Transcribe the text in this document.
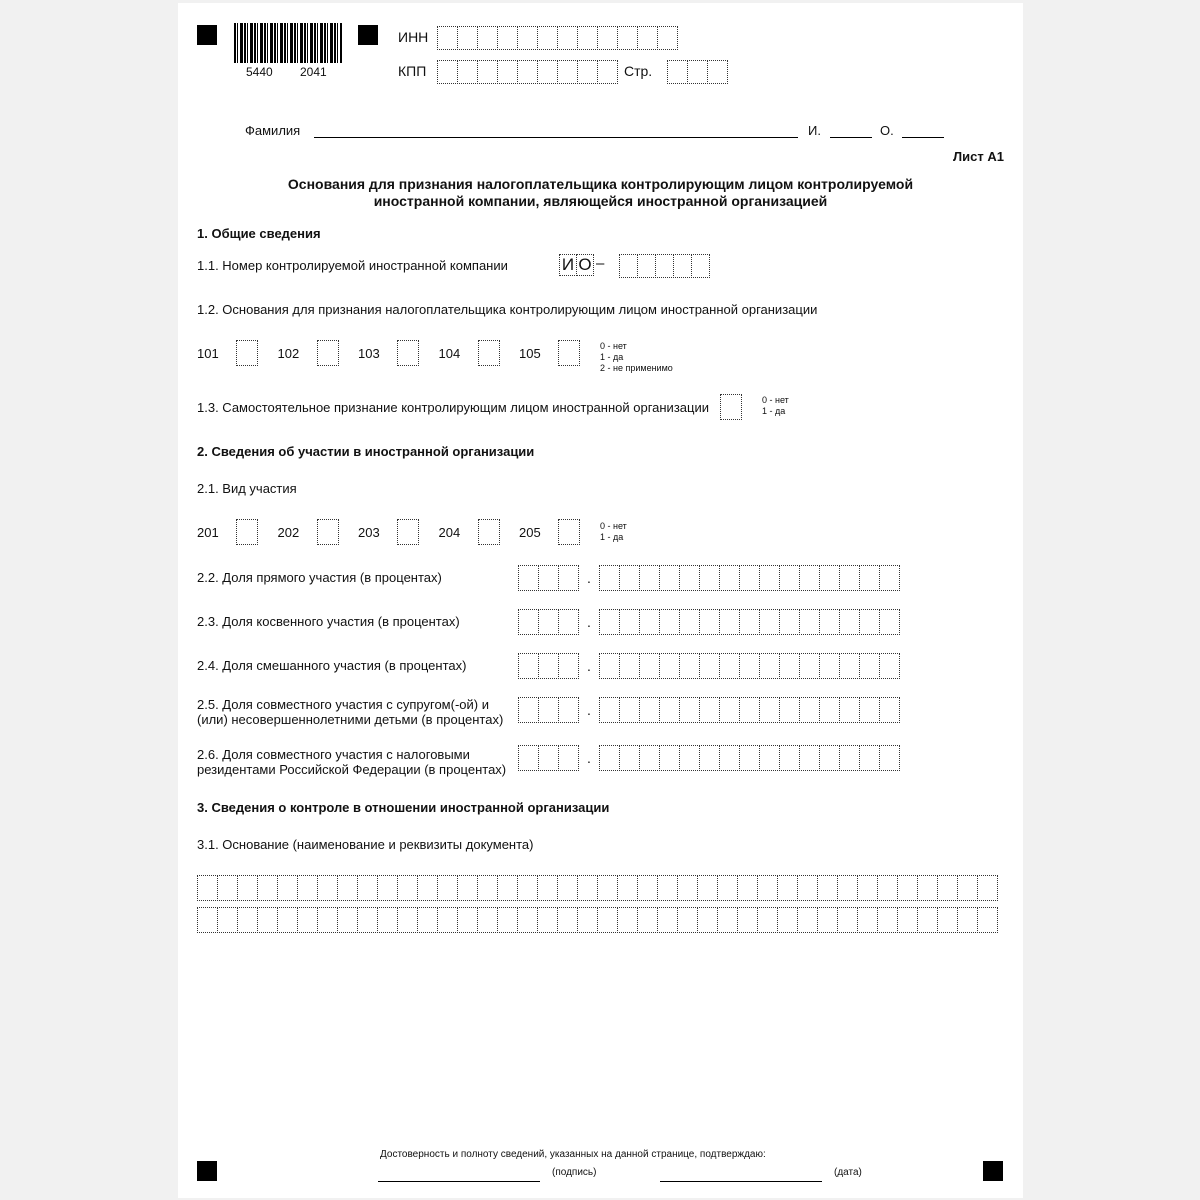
5440 2041
ИНН
КПП	Стр.
Фамилия	И.	О.
Лист А1
Основания для признания налогоплательщика контролирующим лицом контролируемой
иностранной компании, являющейся иностранной организацией
1. Общие сведения
1.1. Номер контролируемой иностранной компании	И О –
1.2. Основания для признания налогоплательщика контролирующим лицом иностранной организации
101	102	103	104	105	0 - нет
1 - да
2 - не применимо
1.3. Самостоятельное признание контролирующим лицом иностранной организации	0 - нет
1 - да
2. Сведения об участии в иностранной организации
2.1. Вид участия
201	202	203	204	205	0 - нет
1 - да
2.2. Доля прямого участия (в процентах)
2.3. Доля косвенного участия (в процентах)
2.4. Доля смешанного участия (в процентах)
2.5. Доля совместного участия с супругом(-ой) и
(или) несовершеннолетними детьми (в процентах)
2.6. Доля совместного участия с налоговыми
резидентами Российской Федерации (в процентах)
.
.
.
.
.
3. Сведения о контроле в отношении иностранной организации
3.1. Основание (наименование и реквизиты документа)
Достоверность и полноту сведений, указанных на данной странице, подтверждаю:
(подпись)	(дата)
